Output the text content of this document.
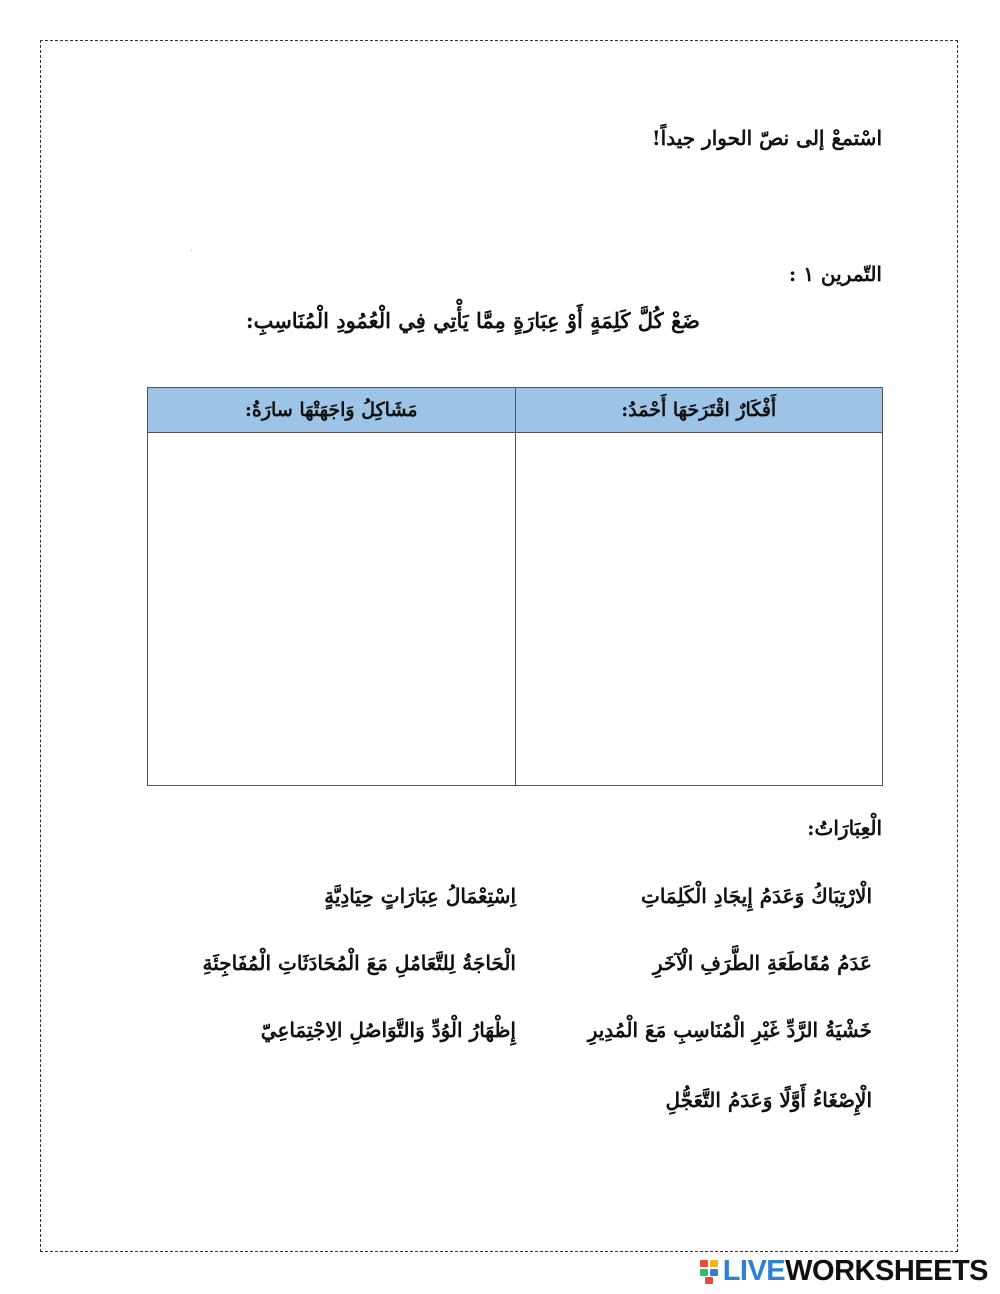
اسْتمعْ إلى نصّ الحوار جيداً!
التّمرين ١ :
ضَعْ كُلَّ كَلِمَةٍ أَوْ عِبَارَةٍ مِمَّا يَأْتِي فِي الْعُمُودِ الْمُنَاسِبِ:
أَفْكَارٌ اقْتَرَحَهَا أَحْمَدُ:	مَشَاكِلُ وَاجَهَتْهَا سارَةُ:

الْعِبَارَاتُ:
الْارْتِبَاكُ وَعَدَمُ إِيجَادِ الْكَلِمَاتِ
اِسْتِعْمَالُ عِبَارَاتٍ حِيَادِيَّةٍ
عَدَمُ مُقَاطَعَةِ الطَّرَفِ الْآخَرِ
الْحَاجَةُ لِلتَّعَامُلِ مَعَ الْمُحَادَثَاتِ الْمُفَاجِئَةِ
خَشْيَةُ الرَّدِّ غَيْرِ الْمُنَاسِبِ مَعَ الْمُدِيرِ
إِظْهَارُ الْوُدِّ وَالتَّوَاصُلِ الِاجْتِمَاعِيّ
الْإِصْغَاءُ أَوَّلًا وَعَدَمُ التَّعَجُّلِ
LIVE WORKSHEETS
